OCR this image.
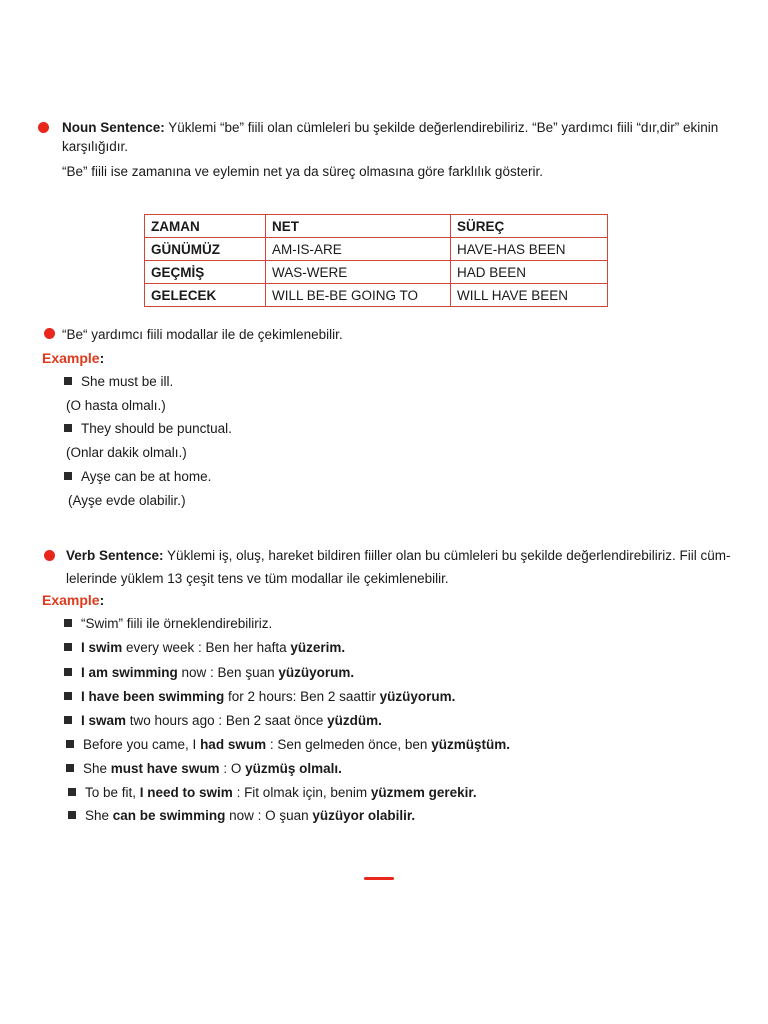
Noun Sentence: Yüklemi “be” fiili olan cümleleri bu şekilde değerlendirebiliriz. “Be” yardımcı fiili “dır,dir” ekinin
karşılığıdır.
“Be” fiili ise zamanına ve eylemin net ya da süreç olmasına göre farklılık gösterir.
ZAMAN	NET	SÜREÇ
GÜNÜMÜZ	AM-IS-ARE	HAVE-HAS BEEN
GEÇMİŞ	WAS-WERE	HAD BEEN
GELECEK	WILL BE-BE GOING TO	WILL HAVE BEEN
“Be“ yardımcı fiili modallar ile de çekimlenebilir.
Example:
She must be ill.
(O hasta olmalı.)
They should be punctual.
(Onlar dakik olmalı.)
Ayşe can be at home.
(Ayşe evde olabilir.)
Verb Sentence: Yüklemi iş, oluş, hareket bildiren fiiller olan bu cümleleri bu şekilde değerlendirebiliriz. Fiil cüm-
lelerinde yüklem 13 çeşit tens ve tüm modallar ile çekimlenebilir.
Example:
“Swim” fiili ile örneklendirebiliriz.
I swim every week : Ben her hafta yüzerim.
I am swimming now : Ben şuan yüzüyorum.
I have been swimming for 2 hours: Ben 2 saattir yüzüyorum.
I swam two hours ago : Ben 2 saat önce yüzdüm.
Before you came, I had swum : Sen gelmeden önce, ben yüzmüştüm.
She must have swum : O yüzmüş olmalı.
To be fit, I need to swim : Fit olmak için, benim yüzmem gerekir.
She can be swimming now : O şuan yüzüyor olabilir.
